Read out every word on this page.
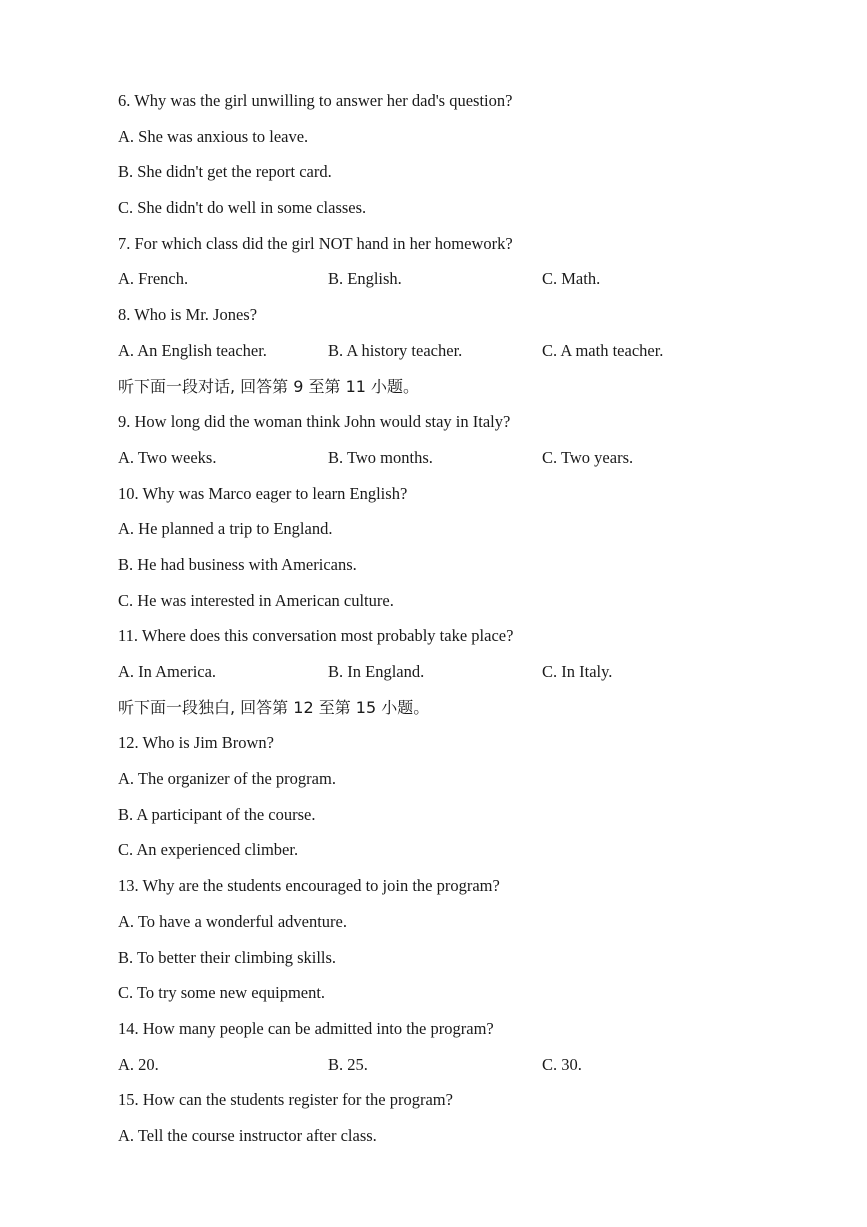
6. Why was the girl unwilling to answer her dad's question?
A. She was anxious to leave.
B. She didn't get the report card.
C. She didn't do well in some classes.
7. For which class did the girl NOT hand in her homework?
A. French.	B. English.	C. Math.
8. Who is Mr. Jones?
A. An English teacher.	B. A history teacher.	C. A math teacher.
听下面一段对话, 回答第 9 至第 11 小题。
9. How long did the woman think John would stay in Italy?
A. Two weeks.	B. Two months.	C. Two years.
10. Why was Marco eager to learn English?
A. He planned a trip to England.
B. He had business with Americans.
C. He was interested in American culture.
11. Where does this conversation most probably take place?
A. In America.	B. In England.	C. In Italy.
听下面一段独白, 回答第 12 至第 15 小题。
12. Who is Jim Brown?
A. The organizer of the program.
B. A participant of the course.
C. An experienced climber.
13. Why are the students encouraged to join the program?
A. To have a wonderful adventure.
B. To better their climbing skills.
C. To try some new equipment.
14. How many people can be admitted into the program?
A. 20.	B. 25.	C. 30.
15. How can the students register for the program?
A. Tell the course instructor after class.
